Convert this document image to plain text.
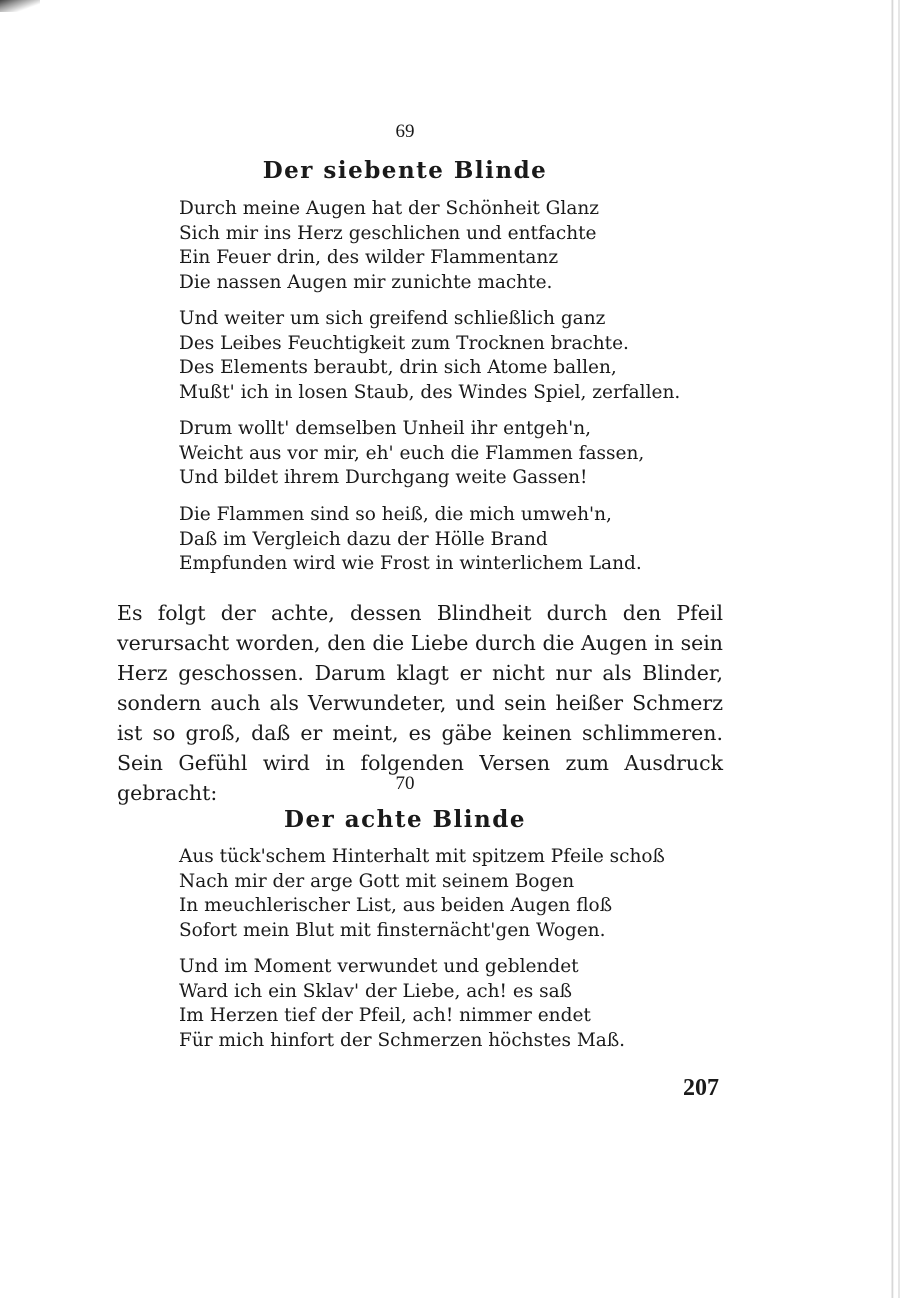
69
Der siebente Blinde
Durch meine Augen hat der Schönheit Glanz
Sich mir ins Herz geschlichen und entfachte
Ein Feuer drin, des wilder Flammentanz
Die nassen Augen mir zunichte machte.
Und weiter um sich greifend schließlich ganz
Des Leibes Feuchtigkeit zum Trocknen brachte.
Des Elements beraubt, drin sich Atome ballen,
Mußt' ich in losen Staub, des Windes Spiel, zerfallen.
Drum wollt' demselben Unheil ihr entgeh'n,
Weicht aus vor mir, eh' euch die Flammen fassen,
Und bildet ihrem Durchgang weite Gassen!
Die Flammen sind so heiß, die mich umweh'n,
Daß im Vergleich dazu der Hölle Brand
Empfunden wird wie Frost in winterlichem Land.

Es folgt der achte, dessen Blindheit durch den Pfeil verursacht worden, den die Liebe durch die Augen in sein Herz geschossen. Darum klagt er nicht nur als Blinder, sondern auch als Verwundeter, und sein heißer Schmerz ist so groß, daß er meint, es gäbe keinen schlimmeren. Sein Gefühl wird in folgenden Versen zum Ausdruck gebracht:	70
Der achte Blinde
Aus tück'schem Hinterhalt mit spitzem Pfeile schoß
Nach mir der arge Gott mit seinem Bogen
In meuchlerischer List, aus beiden Augen floß
Sofort mein Blut mit finsternächt'gen Wogen.
Und im Moment verwundet und geblendet
Ward ich ein Sklav' der Liebe, ach! es saß
Im Herzen tief der Pfeil, ach! nimmer endet
Für mich hinfort der Schmerzen höchstes Maß.
207
